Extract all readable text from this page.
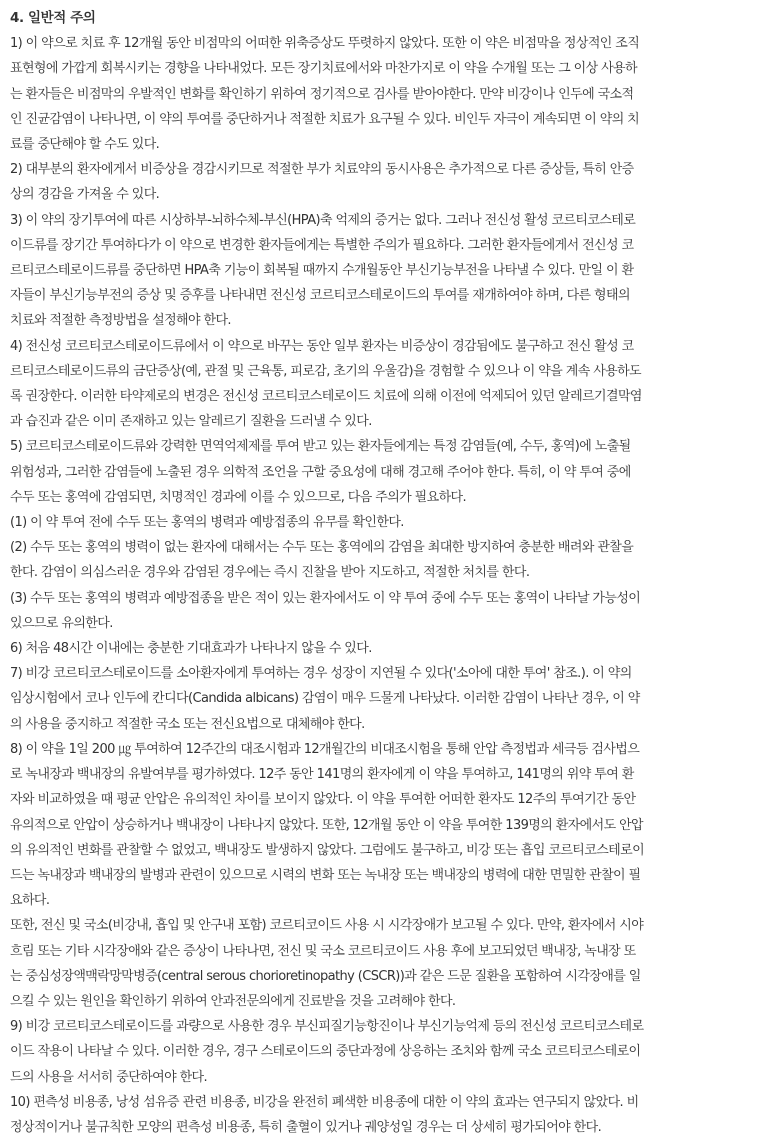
4. 일반적 주의
1) 이 약으로 치료 후 12개월 동안 비점막의 어떠한 위축증상도 뚜렷하지 않았다. 또한 이 약은 비점막을 정상적인 조직
표현형에 가깝게 회복시키는 경향을 나타내었다. 모든 장기치료에서와 마찬가지로 이 약을 수개월 또는 그 이상 사용하
는 환자들은 비점막의 우발적인 변화를 확인하기 위하여 정기적으로 검사를 받아야한다. 만약 비강이나 인두에 국소적
인 진균감염이 나타나면, 이 약의 투여를 중단하거나 적절한 치료가 요구될 수 있다. 비인두 자극이 계속되면 이 약의 치
료를 중단해야 할 수도 있다.
2) 대부분의 환자에게서 비증상을 경감시키므로 적절한 부가 치료약의 동시사용은 추가적으로 다른 증상들, 특히 안증
상의 경감을 가져올 수 있다.
3) 이 약의 장기투여에 따른 시상하부-뇌하수체-부신(HPA)축 억제의 증거는 없다. 그러나 전신성 활성 코르티코스테로
이드류를 장기간 투여하다가 이 약으로 변경한 환자들에게는 특별한 주의가 필요하다. 그러한 환자들에게서 전신성 코
르티코스테로이드류를 중단하면 HPA축 기능이 회복될 때까지 수개월동안 부신기능부전을 나타낼 수 있다. 만일 이 환
자들이 부신기능부전의 증상 및 증후를 나타내면 전신성 코르티코스테로이드의 투여를 재개하여야 하며, 다른 형태의
치료와 적절한 측정방법을 설정해야 한다.
4) 전신성 코르티코스테로이드류에서 이 약으로 바꾸는 동안 일부 환자는 비증상이 경감됨에도 불구하고 전신 활성 코
르티코스테로이드류의 금단증상(예, 관절 및 근육통, 피로감, 초기의 우울감)을 경험할 수 있으나 이 약을 계속 사용하도
록 권장한다. 이러한 타약제로의 변경은 전신성 코르티코스테로이드 치료에 의해 이전에 억제되어 있던 알레르기결막염
과 습진과 같은 이미 존재하고 있는 알레르기 질환을 드러낼 수 있다.
5) 코르티코스테로이드류와 강력한 면역억제제를 투여 받고 있는 환자들에게는 특정 감염들(예, 수두, 홍역)에 노출될
위험성과, 그러한 감염들에 노출된 경우 의학적 조언을 구할 중요성에 대해 경고해 주어야 한다. 특히, 이 약 투여 중에
수두 또는 홍역에 감염되면, 치명적인 경과에 이를 수 있으므로, 다음 주의가 필요하다.
(1) 이 약 투여 전에 수두 또는 홍역의 병력과 예방접종의 유무를 확인한다.
(2) 수두 또는 홍역의 병력이 없는 환자에 대해서는 수두 또는 홍역에의 감염을 최대한 방지하여 충분한 배려와 관찰을
한다. 감염이 의심스러운 경우와 감염된 경우에는 즉시 진찰을 받아 지도하고, 적절한 처치를 한다.
(3) 수두 또는 홍역의 병력과 예방접종을 받은 적이 있는 환자에서도 이 약 투여 중에 수두 또는 홍역이 나타날 가능성이
있으므로 유의한다.
6) 처음 48시간 이내에는 충분한 기대효과가 나타나지 않을 수 있다.
7) 비강 코르티코스테로이드를 소아환자에게 투여하는 경우 성장이 지연될 수 있다('소아에 대한 투여' 참조.). 이 약의
임상시험에서 코나 인두에 칸디다(Candida albicans) 감염이 매우 드물게 나타났다. 이러한 감염이 나타난 경우, 이 약
의 사용을 중지하고 적절한 국소 또는 전신요법으로 대체해야 한다.
8) 이 약을 1일 200 ㎍ 투여하여 12주간의 대조시험과 12개월간의 비대조시험을 통해 안압 측정법과 세극등 검사법으
로 녹내장과 백내장의 유발여부를 평가하였다. 12주 동안 141명의 환자에게 이 약을 투여하고, 141명의 위약 투여 환
자와 비교하였을 때 평균 안압은 유의적인 차이를 보이지 않았다. 이 약을 투여한 어떠한 환자도 12주의 투여기간 동안
유의적으로 안압이 상승하거나 백내장이 나타나지 않았다. 또한, 12개월 동안 이 약을 투여한 139명의 환자에서도 안압
의 유의적인 변화를 관찰할 수 없었고, 백내장도 발생하지 않았다. 그럼에도 불구하고, 비강 또는 흡입 코르티코스테로이
드는 녹내장과 백내장의 발병과 관련이 있으므로 시력의 변화 또는 녹내장 또는 백내장의 병력에 대한 면밀한 관찰이 필
요하다.
또한, 전신 및 국소(비강내, 흡입 및 안구내 포함) 코르티코이드 사용 시 시각장애가 보고될 수 있다. 만약, 환자에서 시야
흐림 또는 기타 시각장애와 같은 증상이 나타나면, 전신 및 국소 코르티코이드 사용 후에 보고되었던 백내장, 녹내장 또
는 중심성장액맥락망막병증(central serous chorioretinopathy (CSCR))과 같은 드문 질환을 포함하여 시각장애를 일
으킬 수 있는 원인을 확인하기 위하여 안과전문의에게 진료받을 것을 고려해야 한다.
9) 비강 코르티코스테로이드를 과량으로 사용한 경우 부신피질기능항진이나 부신기능억제 등의 전신성 코르티코스테로
이드 작용이 나타날 수 있다. 이러한 경우, 경구 스테로이드의 중단과정에 상응하는 조치와 함께 국소 코르티코스테로이
드의 사용을 서서히 중단하여야 한다.
10) 편측성 비용종, 낭성 섬유증 관련 비용종, 비강을 완전히 폐색한 비용종에 대한 이 약의 효과는 연구되지 않았다. 비
정상적이거나 불규칙한 모양의 편측성 비용종, 특히 출혈이 있거나 궤양성일 경우는 더 상세히 평가되어야 한다.
